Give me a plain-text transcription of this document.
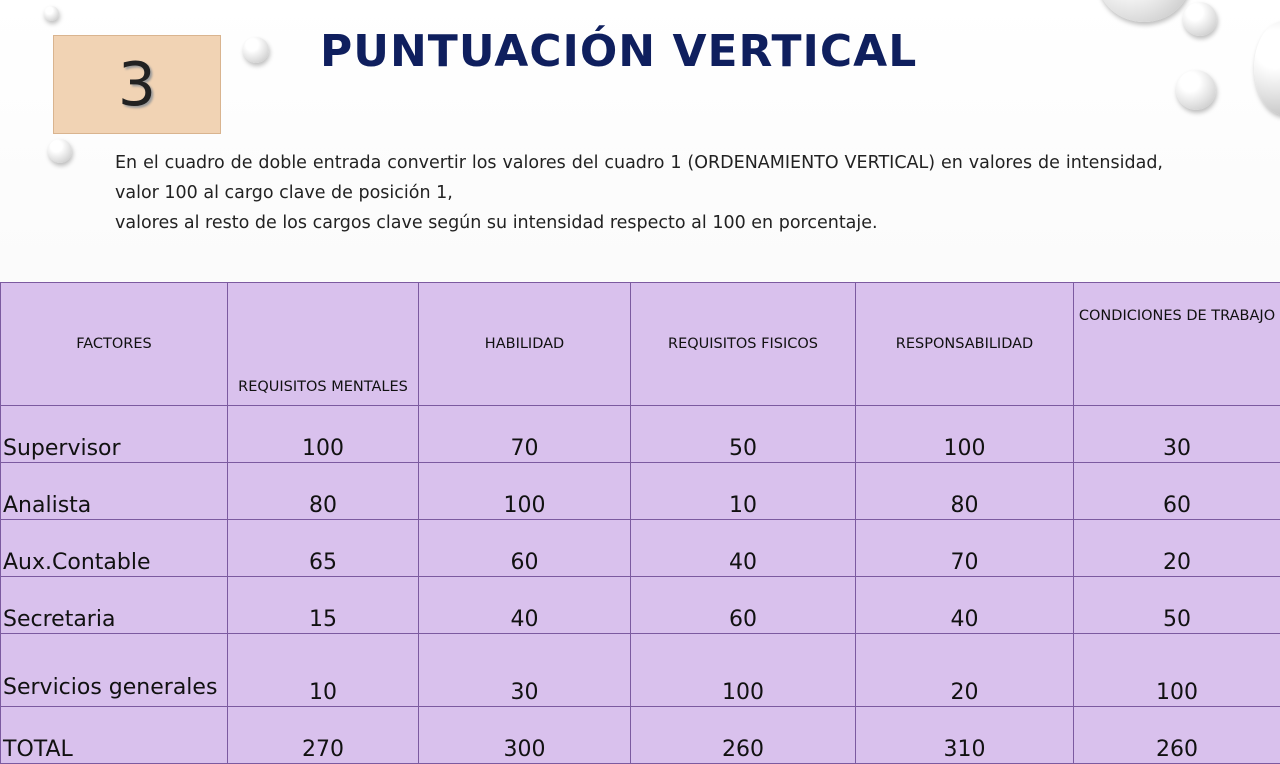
3	PUNTUACIÓN VERTICAL

En el cuadro de doble entrada convertir los valores del cuadro 1 (ORDENAMIENTO VERTICAL) en valores de intensidad, valor 100 al cargo clave de posición 1,

valores al resto de los cargos clave según su intensidad respecto al 100 en porcentaje.

FACTORES	REQUISITOS MENTALES	HABILIDAD	REQUISITOS FISICOS	RESPONSABILIDAD	CONDICIONES DE TRABAJO
Supervisor	100	70	50	100	30
Analista	80	100	10	80	60
Aux.Contable	65	60	40	70	20
Secretaria	15	40	60	40	50
Servicios generales	10	30	100	20	100
TOTAL	270	300	260	310	260
